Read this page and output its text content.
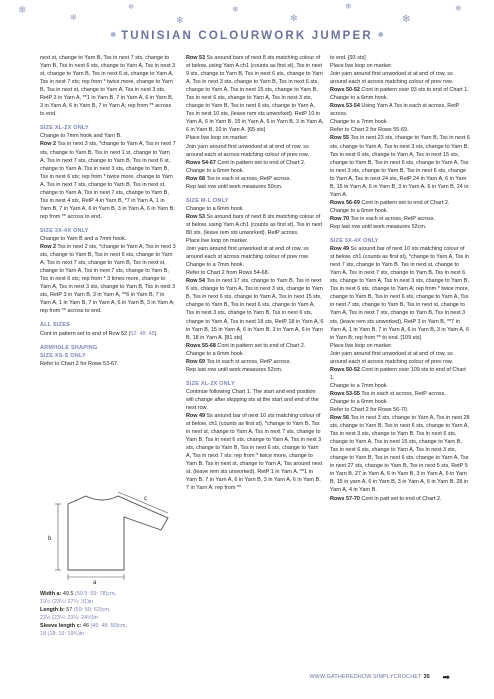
❄
✻
❄
✻
❄
✻
❄
✻
❄
❄ TUNISIAN COLOURWORK JUMPER ❄

next st, change to Yarn B, Tss in next 7 sts, change to Yarn B, Tss in next 6 sts, change to Yarn A, Tss in next 3 st, change to Yarn B, Tss in next 6 st, change to Yarn A, Tss in next 7 sts; rep from * twice more, change to Yarn B, Tss in next st, change to Yarn A, Tss in next 3 sts, RetP 3 in Yarn A, **1 in Yarn B, 7 in Yarn A, 6 in Yarn B, 3 in Yarn A, 6 in Yarn B, 7 in Yarn A; rep from ** across to end.

SIZE XL-2X ONLY

Change to 7mm hook and Yarn B.

Row 2 Tss in next 3 sts, *change to Yarn A, Tss in next 7 sts, change to Yarn B, Tss in next 1 st, change to Yarn A, Tss in next 7 sts, change to Yarn B, Tss in next 6 st, change to Yarn A, Tss in next 3 sts, change to Yarn B, Tss in next 6 sts; rep from * twice more, change to Yarn A, Tss in next 7 sts, change to Yarn B, Tss in next st, change to Yarn A, Tss in next 7 sts, change to Yarn B, Tss in next 4 sts, RetP 4 in Yarn B, *7 in Yarn A, 1 in Yarn B, 7 in Yarn A, 6 in Yarn B, 3 in Yarn A, 6 in Yarn B; rep from ** across to end.

SIZE 3X-4X ONLY

Change to Yarn B and a 7mm hook.

Row 2 Tss in next 2 sts, *change to Yarn A, Tss in next 3 sts, change to Yarn B, Tss in next 6 sts, change to Yarn A, Tss in next 7 sts, change to Yarn B, Tss in next st, change to Yarn A, Tss in next 7 sts, change to Yarn B, Tss in next 6 sts; rep from * 3 times more, change to Yarn A, Tss in next 3 sts, change to Yarn B, Tss in next 3 sts, RetP 3 in Yarn B, 3 in Yarn A, **6 in Yarn B, 7 in Yarn A, 1 in Yarn B, 7 in Yarn A, 6 in Yarn B, 3 in Yarn A; rep from ** across to end.

ALL SIZES

Cont in pattern set to end of Row 52 (52: 48: 48).

ARMHOLE SHAPING

SIZE XS-S ONLY

Refer to Chart 2 for Rows 53-67.

a
b
c

Width a: 49.5 (59.5: 69: 78)cm,

19½ (23¼: 27¼: 31)in

Length b: 57 (59: 59: 62)cm,

22½ (23¼: 23¼: 24½)in

Sleeve length c: 46 (46: 48: 50)cm,

18 (18: 19: 19¾)in

Row 53 Ss around bars of next 8 sts matching colour of st below, using Yarn A ch1 (counts as first st), Tss in next 9 sts, change to Yarn B, Tss in next 6 sts, change to Yarn A, Tss in next 3 sts, change to Yarn B, Tss in next 6 sts, change to Yarn A, Tss in next 15 sts, change to Yarn B, Tss in next 6 sts, change to Yarn A, Tss in next 3 sts, change to Yarn B, Tss in next 6 sts, change to Yarn A, Tss in next 10 sts, (leave rem sts unworked). RetP 10 in Yarn A, 6 in Yarn B, 15 in Yarn A, 6 in Yarn B, 3 in Yarn A, 6 in Yarn B, 10 in Yarn A. [65 sts]

Place live loop on marker.

Join yarn around first unworked st at end of row, ss around each st across matching colour of prev row.

Rows 54-67 Cont in pattern set to end of Chart 2.

Change to a 6mm hook.

Row 68 Tss in each st across, RetP across.

Rep last row until work measures 50cm.

SIZE M-L ONLY

Change to a 6mm hook.

Row 53 Ss around bars of next 8 sts matching colour of st below, using Yarn A ch1 (counts as first st), Tss in next 80 sts, (leave rem sts unworked), RetP across.

Place live loop on marker.

Join yarn around first unworked st at end of row, ss around each st across matching colour of prev row.

Change to a 7mm hook.

Refer to Chart 2 from Rows 54-68.

Row 54 Tss in next 17 sts, change to Yarn B, Tss in next 6 sts, change to Yarn A, Tss in next 3 sts, change to Yarn B, Tss in next 6 sts, change to Yarn A, Tss in next 15 sts, change to Yarn B, Tss in next 6 sts, change to Yarn A, Tss in next 3 sts, change to Yarn B, Tss in next 6 sts, change to Yarn A, Tss in next 18 sts, RetP 18 in Yarn A, 6 in Yarn B, 15 in Yarn A, 6 in Yarn B, 3 in Yarn A, 6 in Yarn B, 18 in Yarn A. [81 sts]

Rows 55-68 Cont in pattern set to end of Chart 2.

Change to a 6mm hook.

Row 69 Tss in each st across, RetP across.

Rep last row until work measures 52cm.

SIZE XL-2X ONLY

Continue following Chart 1. The start and end position will change after skipping sts at the start and end of the next row.

Row 49 Ss around bar of next 10 sts matching colour of st below, ch1 (counts as first st), *change to Yarn B, Tss in next st, change to Yarn A, Tss in next 7 sts, change to Yarn B, Tss in next 6 sts, change to Yarn A, Tss in next 3 sts, change to Yarn B, Tss in next 6 sts, change to Yarn A, Tss in next 7 sts; rep from * twice more, change to Yarn B, Tss in next st, change to Yarn A, Tss around next st, (leave rem sts unworked), RetP 1 in Yarn A, **1 in Yarn B, 7 in Yarn A, 6 in Yarn B, 3 in Yarn A, 6 in Yarn B, 7 in Yarn A; rep from **

to end. [93 sts]

Place live loop on marker.

Join yarn around first unworked st at end of row, ss around each st across matching colour of prev row.

Rows 50-52 Cont in pattern over 93 sts to end of Chart 1.

Change to a 6mm hook.

Rows 53-54 Using Yarn A Tss in each st across, RetP across.

Change to a 7mm hook.

Refer to Chart 2 for Rows 55-69.

Row 55 Tss in next 23 sts, change to Yarn B, Tss in next 6 sts, change to Yarn A, Tss in next 3 sts, change to Yarn B, Tss in next 6 sts, change to Yarn A, Tss in next 15 sts, change to Yarn B, Tss in next 6 sts, change to Yarn A, Tss in next 3 sts, change to Yarn B, Tss in next 6 sts, change to Yarn A, Tss in next 24 sts, RetP 24 in Yarn A, 6 in Yarn B, 15 in Yarn A, 6 in Yarn B, 3 in Yarn A, 6 in Yarn B, 24 in Yarn A.

Rows 56-69 Cont in pattern set to end of Chart 2.

Change to a 6mm hook.

Row 70 Tss in each st across, RetP across.

Rep last row until work measures 52cm.

SIZE 3X-4X ONLY

Row 49 Ss around bar of next 10 sts matching colour of st below, ch1 (counts as first st), *change to Yarn A, Tss in next 7 sts, change to Yarn B, Tss in next st, change to Yarn A, Tss in next 7 sts, change to Yarn B, Tss in next 6 sts, change to Yarn A, Tss in next 3 sts, change to Yarn B, Tss in next 6 sts, change to Yarn A; rep from * twice more, change to Yarn B, Tss in next 6 sts, change to Yarn A, Tss in next 7 sts, change to Yarn B, Tss in next st, change to Yarn A, Tss in next 7 sts, change to Yarn B, Tss in next 3 sts, (leave rem sts unworked), RetP 3 in Yarn B, **7 in Yarn A, 1 in Yarn B, 7 in Yarn A, 6 in Yarn B, 3 in Yarn A, 6 in Yarn B; rep from ** to end. [109 sts]

Place live loop on marker.

Join yarn around first unworked st at end of row, ss around each st across matching colour of prev row.

Rows 50-52 Cont in pattern over 109 sts to end of Chart 1.

Change to a 7mm hook.

Rows 53-55 Tss in each st across, RetP across.

Change to a 6mm hook.

Refer to Chart 2 for Rows 56-70.

Row 56 Tss in next 3 sts, change to Yarn A, Tss in next 28 sts, change to Yarn B, Tss in next 6 sts, change to Yarn A, Tss in next 3 sts, change to Yarn B, Tss in next 6 sts, change to Yarn A, Tss in next 15 sts, change to Yarn B, Tss in next 6 sts, change to Yarn A, Tss in next 3 sts, change to Yarn B, Tss in next 6 sts, change to Yarn A, Tss in next 27 sts, change to Yarn B, Tss in next 5 sts, RetP 5 in Yarn B, 27 in Yarn A, 6 in Yarn B, 3 in Yarn A, 6 in Yarn B, 15 in yarn A, 6 in Yarn B, 3 in Yarn A, 6 in Yarn B, 28 in Yarn A, 4 in Yarn B.

Rows 57-70 Cont in patt set to end of Chart 2.

WWW.GATHEREDHOW.SIMPLYCROCHET 35 ➡
